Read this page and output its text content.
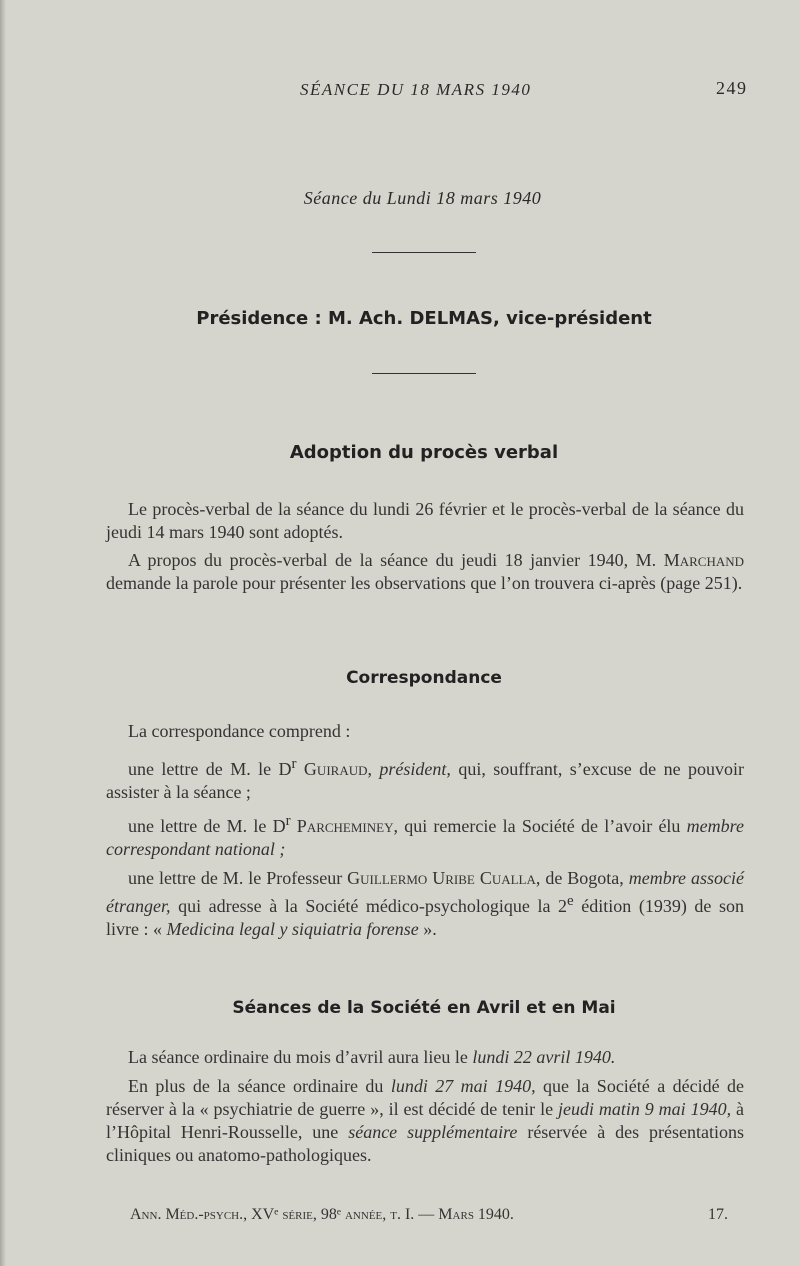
SÉANCE DU 18 MARS 1940	249
Séance du Lundi 18 mars 1940
Présidence : M. Ach. DELMAS, vice-président
Adoption du procès verbal

Le procès-verbal de la séance du lundi 26 février et le procès-verbal de la séance du jeudi 14 mars 1940 sont adoptés.

A propos du procès-verbal de la séance du jeudi 18 janvier 1940, M. Marchand demande la parole pour présenter les observations que l’on trouvera ci-après (page 251).

Correspondance

La correspondance comprend :

une lettre de M. le $D^r$ Guiraud, président, qui, souffrant, s’excuse de ne pouvoir assister à la séance ;

une lettre de M. le $D^r$ Parcheminey, qui remercie la Société de l’avoir élu membre correspondant national ;

une lettre de M. le Professeur Guillermo Uribe Cualla, de Bogota, membre associé étranger, qui adresse à la Société médico-psychologique la 2e édition (1939) de son livre : « Medicina legal y siquiatria forense ».

Séances de la Société en Avril et en Mai

La séance ordinaire du mois d’avril aura lieu le lundi 22 avril 1940.

En plus de la séance ordinaire du lundi 27 mai 1940, que la Société a décidé de réserver à la « psychiatrie de guerre », il est décidé de tenir le jeudi matin 9 mai 1940, à l’Hôpital Henri-Rousselle, une séance supplémentaire réservée à des présentations cliniques ou anatomo-pathologiques.

Ann. Méd.-psych., XVᵉ série, 98ᵉ année, t. I. — Mars 1940.	17.
